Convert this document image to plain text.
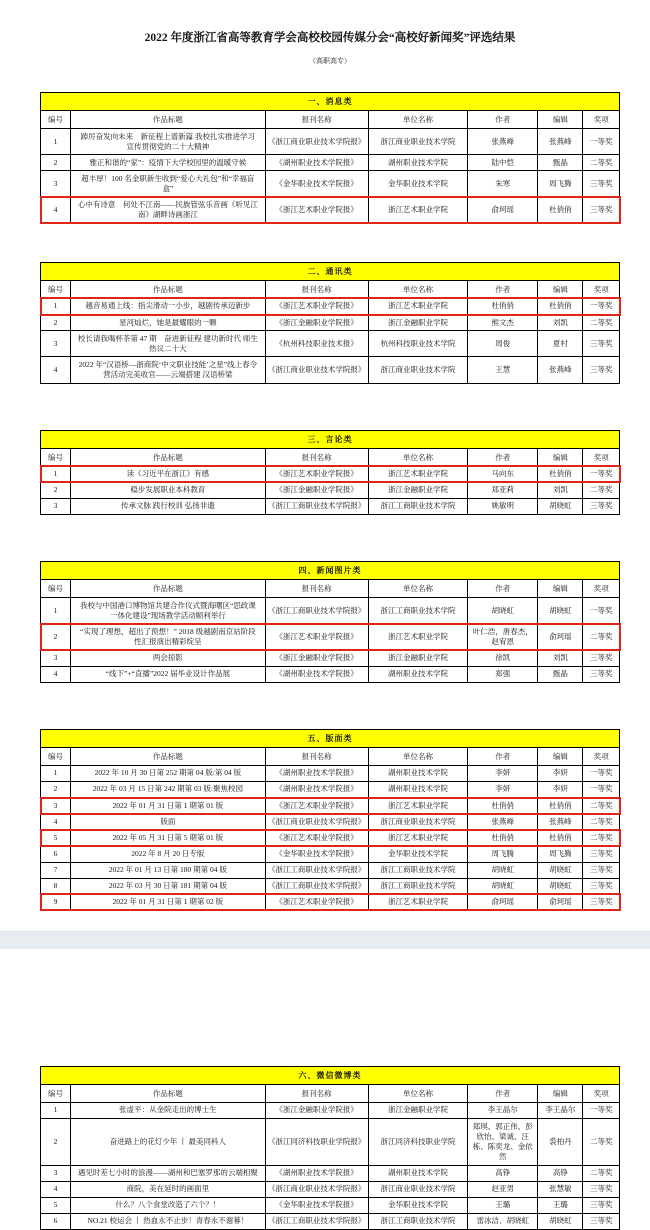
2022 年度浙江省高等教育学会高校校园传媒分会“高校好新闻奖”评选结果
（高职高专）
一、消息类						
编号	作品标题	报刊名称	单位名称	作者	编辑	奖项
1	踔厉奋发向未来　新征程上谱新篇 我校扎实推进学习宣传贯彻党的二十大精神	《浙江商业职业技术学院报》	浙江商业职业技术学院	张燕峰	张燕峰	一等奖
2	雅正和谐的“家”：疫情下大学校园里的温暖守候	《湖州职业技术学院报》	湖州职业技术学院	陆中恺	甄晶	二等奖
3	超丰厚！100 名金职新生收到“爱心大礼包”和“幸福盲盒”	《金华职业技术学院报》	金华职业技术学院	朱寒	周飞腾	三等奖
4	心中有诗意　何处不江南——民族管弦乐音画《听见江南》湖畔诗画浙江	《浙江艺术职业学院报》	浙江艺术职业学院	俞珂瑶	杜俏俏	三等奖
二、通讯类						
编号	作品标题	报刊名称	单位名称	作者	编辑	奖项
1	越音易通上线：指尖滑动一小步，越剧传承迈新步	《浙江艺术职业学院报》	浙江艺术职业学院	杜俏俏	杜俏俏	一等奖
2	星河灿烂，她是最耀眼的一颗	《浙江金融职业学院报》	浙江金融职业学院	熊文杰	刘凯	二等奖
3	校长请我喝杯茶第 47 期　奋进新征程 建功新时代 师生热议二十大	《杭州科技职业技术报》	杭州科技职业技术学院	周俊	夏村	三等奖
4	2022 年“汉语桥—浙商院‘中文职业技能’之星”线上春令营活动完美收官——云端搭建 汉语桥梁	《浙江商业职业技术学院报》	浙江商业职业技术学院	王慧	张燕峰	三等奖
三、言论类						
编号	作品标题	报刊名称	单位名称	作者	编辑	奖项
1	读《习近平在浙江》有感	《浙江艺术职业学院报》	浙江艺术职业学院	马向东	杜俏俏	一等奖
2	稳步发展职业本科教育	《浙江金融职业学院报》	浙江金融职业学院	郑亚莉	刘凯	二等奖
3	传承文脉 践行校训 弘扬非遗	《浙江工商职业技术学院报》	浙江工商职业技术学院	姚敏明	胡晓虹	三等奖
四、新闻图片类						
编号	作品标题	报刊名称	单位名称	作者	编辑	奖项
1	我校与中国港口博物馆共建合作仪式暨海曙区“思政课一体化建设”现场教学活动顺利举行	《浙江工商职业技术学院报》	浙江工商职业技术学院	胡晓虹	胡晓虹	一等奖
2	“实现了理想，超出了预想！” 2018 级越剧南京站阶段性汇报演出精彩绽呈	《浙江艺术职业学院报》	浙江艺术职业学院	叶仁浩，唐春杰，赵宥恩	俞珂瑶	二等奖
3	两会掠影	《浙江金融职业学院报》	浙江金融职业学院	徐凯	刘凯	三等奖
4	“线下”+“直播”2022 届毕业设计作品展	《湖州职业技术学院报》	湖州职业技术学院	郑强	甄晶	三等奖
五、版面类						
编号	作品标题	报刊名称	单位名称	作者	编辑	奖项
1	2022 年 10 月 30 日第 252 期第 04 版:第 04 版	《湖州职业技术学院报》	湖州职业技术学院	李妍	李妍	一等奖
2	2022 年 03 月 15 日第 242 期第 03 版:聚焦校园	《湖州职业技术学院报》	湖州职业技术学院	李妍	李妍	一等奖
3	2022 年 01 月 31 日第 1 期第 01 版	《浙江艺术职业学院报》	浙江艺术职业学院	杜俏俏	杜俏俏	二等奖
4	版面	《浙江商业职业技术学院报》	浙江商业职业技术学院	张燕峰	张燕峰	二等奖
5	2022 年 05 月 31 日第 5 期第 01 版	《浙江艺术职业学院报》	浙江艺术职业学院	杜俏俏	杜俏俏	二等奖
6	2022 年 8 月 20 日专版	《金华职业技术学院报》	金华职业技术学院	周飞腾	周飞腾	三等奖
7	2022 年 01 月 13 日第 180 期第 04 版	《浙江工商职业技术学院报》	浙江工商职业技术学院	胡晓虹	胡晓虹	三等奖
8	2022 年 03 月 30 日第 181 期第 04 版	《浙江工商职业技术学院报》	浙江工商职业技术学院	胡晓虹	胡晓虹	三等奖
9	2022 年 01 月 31 日第 1 期第 02 版	《浙江艺术职业学院报》	浙江艺术职业学院	俞珂瑶	俞珂瑶	三等奖
六、微信微博类						
编号	作品标题	报刊名称	单位名称	作者	编辑	奖项
1	张虚平：从金院走出的博士生	《浙江金融职业学院报》	浙江金融职业学院	李王晶尔	李王晶尔	一等奖
2	奋进路上的花灯少年 丨 最美同科人	《浙江同济科技职业学院报》	浙江同济科技职业学院	郑琪、郭正伟、彭欣怡、梁诚、汪栋、陈奕龙、金依然	裘柏丹	二等奖
3	遇见时差七小时的浪漫——湖州和巴塞罗那的云端相聚	《湖州职业技术学院报》	湖州职业技术学院	高铮	高铮	二等奖
4	商院，美在延时的画面里	《浙江商业职业技术学院报》	浙江商业职业技术学院	赵亚男	张慧敏	三等奖
5	什么？八个食堂改造了六个？！	《金华职业技术学院报》	金华职业技术学院	王璐	王璐	三等奖
6	NO.21 校运会 丨 热血永不止步！青春永不谢幕！	《浙江工商职业技术学院报》	浙江工商职业技术学院	雷冰洁、胡晓虹	胡晓虹	三等奖
